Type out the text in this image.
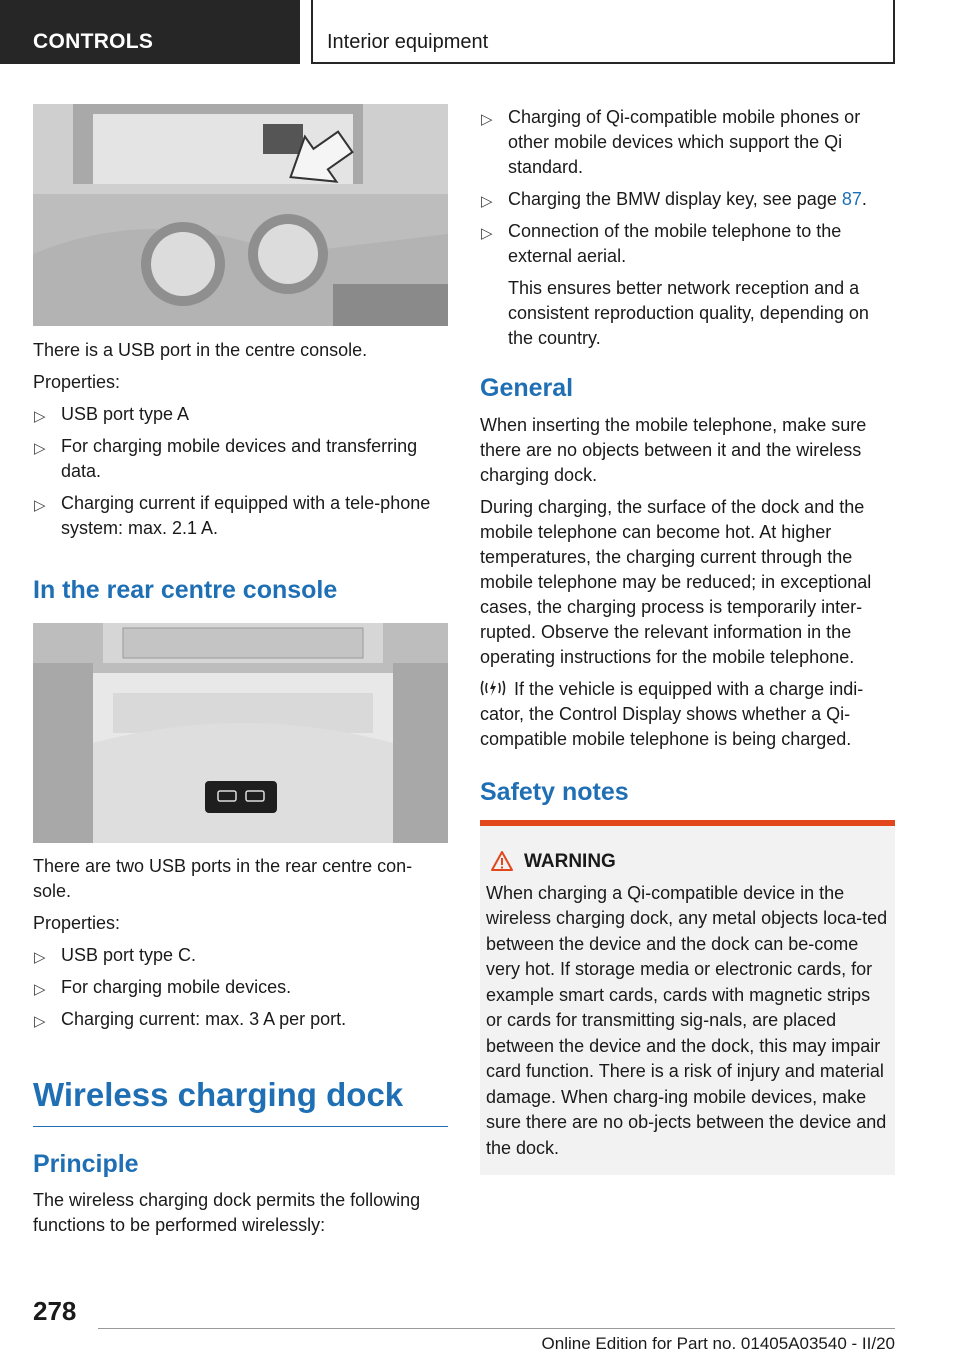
CONTROLS	Interior equipment

There is a USB port in the centre console.

Properties:

▷ USB port type A
▷ For charging mobile devices and transferring data.
▷ Charging current if equipped with a tele‐phone system: max. 2.1 A.
In the rear centre console

There are two USB ports in the rear centre con‐sole.

Properties:

▷ USB port type C.
▷ For charging mobile devices.
▷ Charging current: max. 3 A per port.
Wireless charging dock
Principle
The wireless charging dock permits the following functions to be performed wirelessly:
▷ Charging of Qi-compatible mobile phones or other mobile devices which support the Qi standard.
▷ Charging the BMW display key, see page 87.
▷ Connection of the mobile telephone to the external aerial.

This ensures better network reception and a consistent reproduction quality, depending on the country.

General

When inserting the mobile telephone, make sure there are no objects between it and the wireless charging dock.

During charging, the surface of the dock and the mobile telephone can become hot. At higher temperatures, the charging current through the mobile telephone may be reduced; in exceptional cases, the charging process is temporarily inter‐rupted. Observe the relevant information in the operating instructions for the mobile telephone.

If the vehicle is equipped with a charge indi‐cator, the Control Display shows whether a Qi-compatible mobile telephone is being charged.

Safety notes
WARNING

When charging a Qi-compatible device in the wireless charging dock, any metal objects loca‐ted between the device and the dock can be‐come very hot. If storage media or electronic cards, for example smart cards, cards with magnetic strips or cards for transmitting sig‐nals, are placed between the device and the dock, this may impair card function. There is a risk of injury and material damage. When charg‐ing mobile devices, make sure there are no ob‐jects between the device and the dock.

278
Online Edition for Part no. 01405A03540 - II/20
